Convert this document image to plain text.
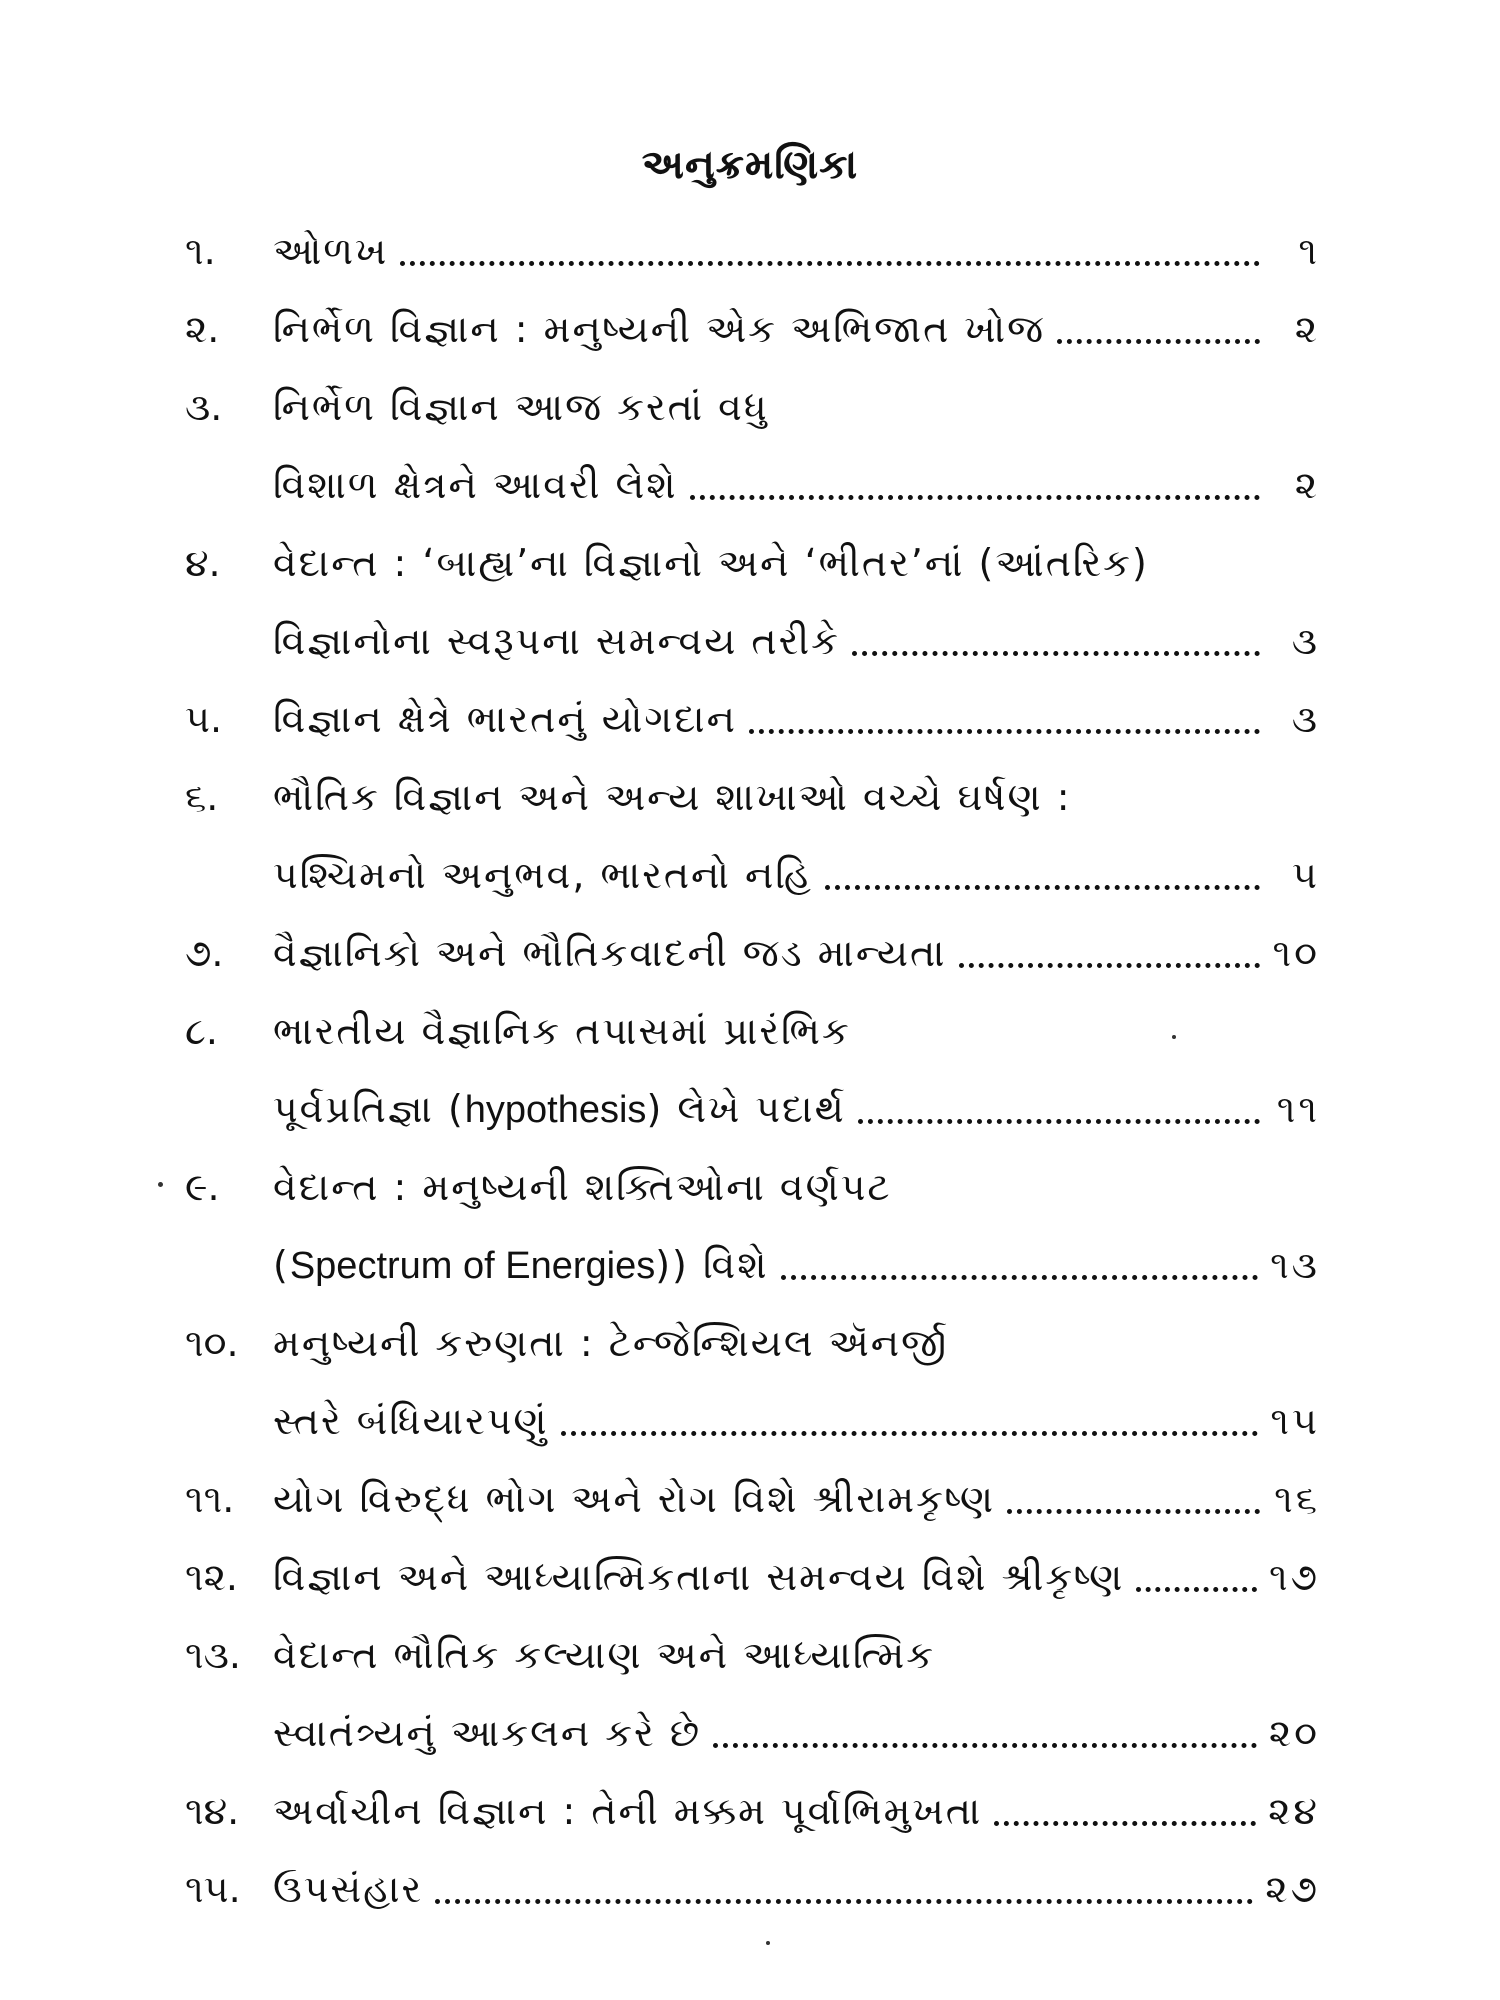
અનુક્રમણિકા
૧.	ઓળખ	૧
૨.	નિર્ભેળ વિજ્ઞાન : મનુષ્યની એક અભિજાત ખોજ	૨
૩.	નિર્ભેળ વિજ્ઞાન આજ કરતાં વધુ
વિશાળ ક્ષેત્રને આવરી લેશે	૨
૪.	વેદાન્ત : ‘બાહ્ય’ના વિજ્ઞાનો અને ‘ભીતર’નાં (આંતરિક)
વિજ્ઞાનોના સ્વરૂપના સમન્વય તરીકે	૩
૫.	વિજ્ઞાન ક્ષેત્રે ભારતનું યોગદાન	૩
૬.	ભૌતિક વિજ્ઞાન અને અન્ય શાખાઓ વચ્ચે ઘર્ષણ :
પશ્ચિમનો અનુભવ, ભારતનો નહિ	૫
૭.	વૈજ્ઞાનિકો અને ભૌતિકવાદની જડ માન્યતા	૧૦
૮.	ભારતીય વૈજ્ઞાનિક તપાસમાં પ્રારંભિક
પૂર્વપ્રતિજ્ઞા (hypothesis) લેખે પદાર્થ	૧૧
૯.	વેદાન્ત : મનુષ્યની શક્તિઓના વર્ણપટ
(Spectrum of Energies)) વિશે	૧૩
૧૦. મનુષ્યની કરુણતા : ટેન્જેન્શિયલ ઍનર્જી
સ્તરે બંધિયારપણું	૧૫
૧૧.	યોગ વિરુદ્ધ ભોગ અને રોગ વિશે શ્રીરામકૃષ્ણ	૧૬
૧૨. વિજ્ઞાન અને આધ્યાત્મિકતાના સમન્વય વિશે શ્રીકૃષ્ણ	૧૭
૧૩. વેદાન્ત ભૌતિક કલ્યાણ અને આધ્યાત્મિક
સ્વાતંત્ર્યનું આકલન કરે છે	૨૦
૧૪. અર્વાચીન વિજ્ઞાન : તેની મક્કમ પૂર્વાભિમુખતા	૨૪
૧૫. ઉપસંહાર	૨૭
